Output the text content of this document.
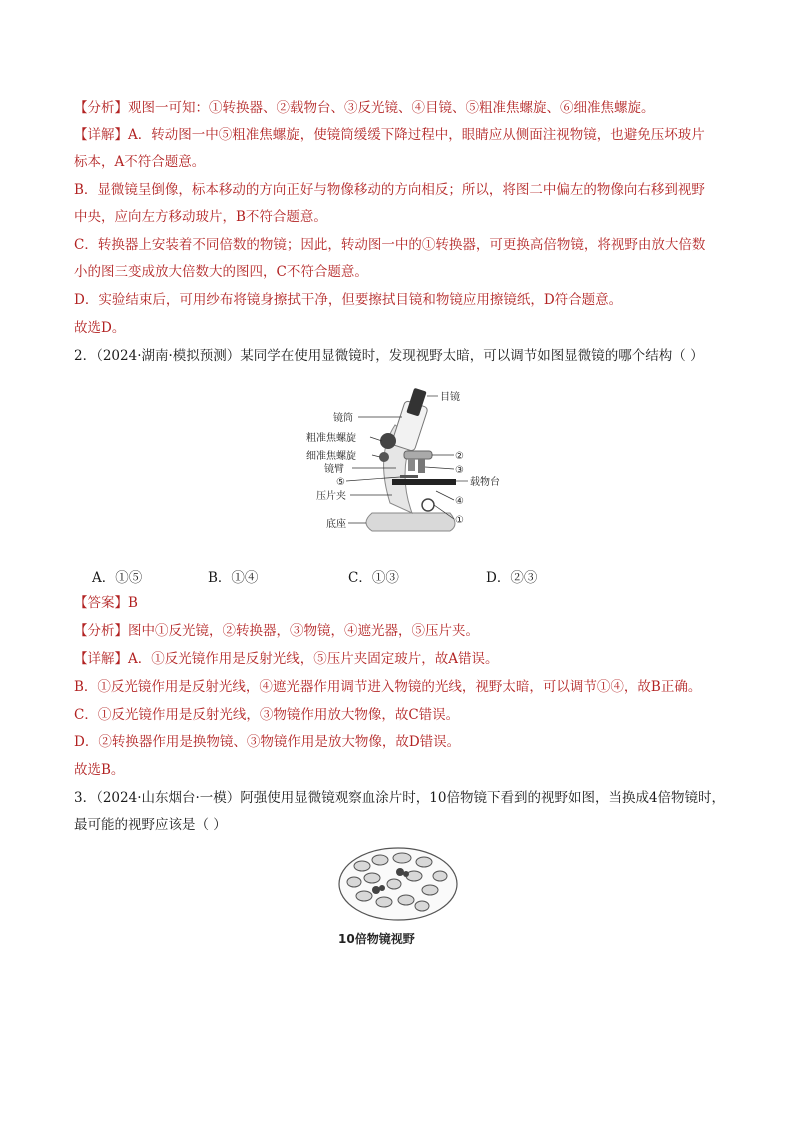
【分析】观图一可知：①转换器、②载物台、③反光镜、④目镜、⑤粗准焦螺旋、⑥细准焦螺旋。
【详解】A．转动图一中⑤粗准焦螺旋，使镜筒缓缓下降过程中，眼睛应从侧面注视物镜，也避免压坏玻片
标本，A不符合题意。
B．显微镜呈倒像，标本移动的方向正好与物像移动的方向相反；所以，将图二中偏左的物像向右移到视野
中央，应向左方移动玻片，B不符合题意。
C．转换器上安装着不同倍数的物镜；因此，转动图一中的①转换器，可更换高倍物镜，将视野由放大倍数
小的图三变成放大倍数大的图四，C不符合题意。
D．实验结束后，可用纱布将镜身擦拭干净，但要擦拭目镜和物镜应用擦镜纸，D符合题意。
故选D。
2．（2024·湖南·模拟预测）某同学在使用显微镜时，发现视野太暗，可以调节如图显微镜的哪个结构（ ）
目镜
镜筒
粗准焦螺旋
细准焦螺旋
镜臂
⑤
压片夹
底座
②
③
载物台
④
①
A．①⑤	B．①④	C．①③	D．②③
【答案】B
【分析】图中①反光镜，②转换器，③物镜，④遮光器，⑤压片夹。
【详解】A．①反光镜作用是反射光线，⑤压片夹固定玻片，故A错误。
B．①反光镜作用是反射光线，④遮光器作用调节进入物镜的光线，视野太暗，可以调节①④，故B正确。
C．①反光镜作用是反射光线，③物镜作用放大物像，故C错误。
D．②转换器作用是换物镜、③物镜作用是放大物像，故D错误。
故选B。
3．（2024·山东烟台·一模）阿强使用显微镜观察血涂片时，10倍物镜下看到的视野如图，当换成4倍物镜时，
最可能的视野应该是（ ）
10倍物镜视野
